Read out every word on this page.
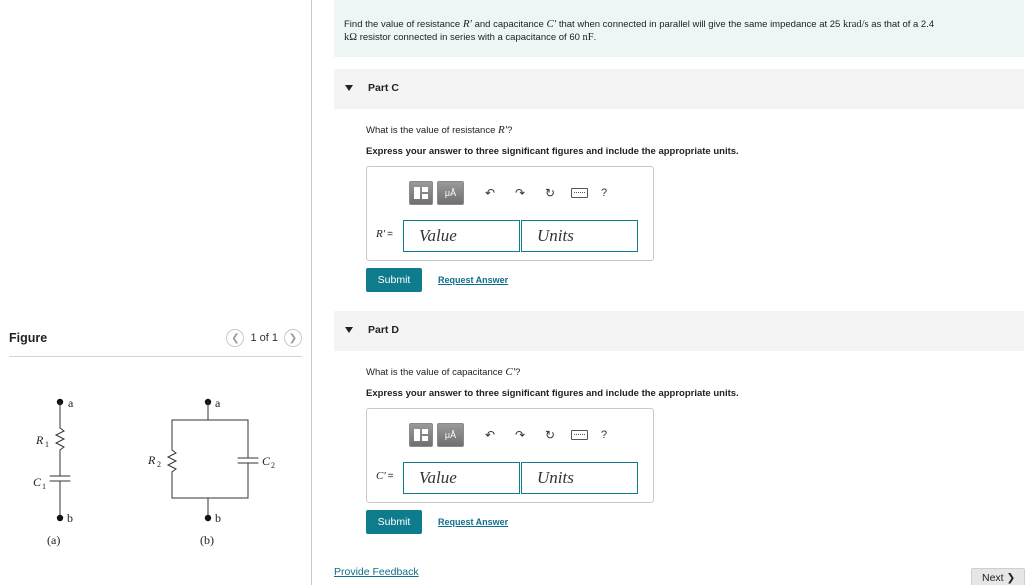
Figure	❮ 1 of 1	❯
a
R 1
C 1
b
(a)
a
R 2	C 2
b
(b)
Find the value of resistance R′ and capacitance C′ that when connected in parallel will give the same impedance at 25 krad/s as that of a 2.4
kΩ resistor connected in series with a capacitance of 60 nF.
Part C
What is the value of resistance R′?
Express your answer to three significant figures and include the appropriate units.
μÅ	↶ ↷ ↻	?
R′ =	Value	Units
Submit	Request Answer
Part D
What is the value of capacitance C′?
Express your answer to three significant figures and include the appropriate units.
μÅ	↶ ↷ ↻	?
C′ =	Value	Units
Submit	Request Answer
Provide Feedback	Next ❯
